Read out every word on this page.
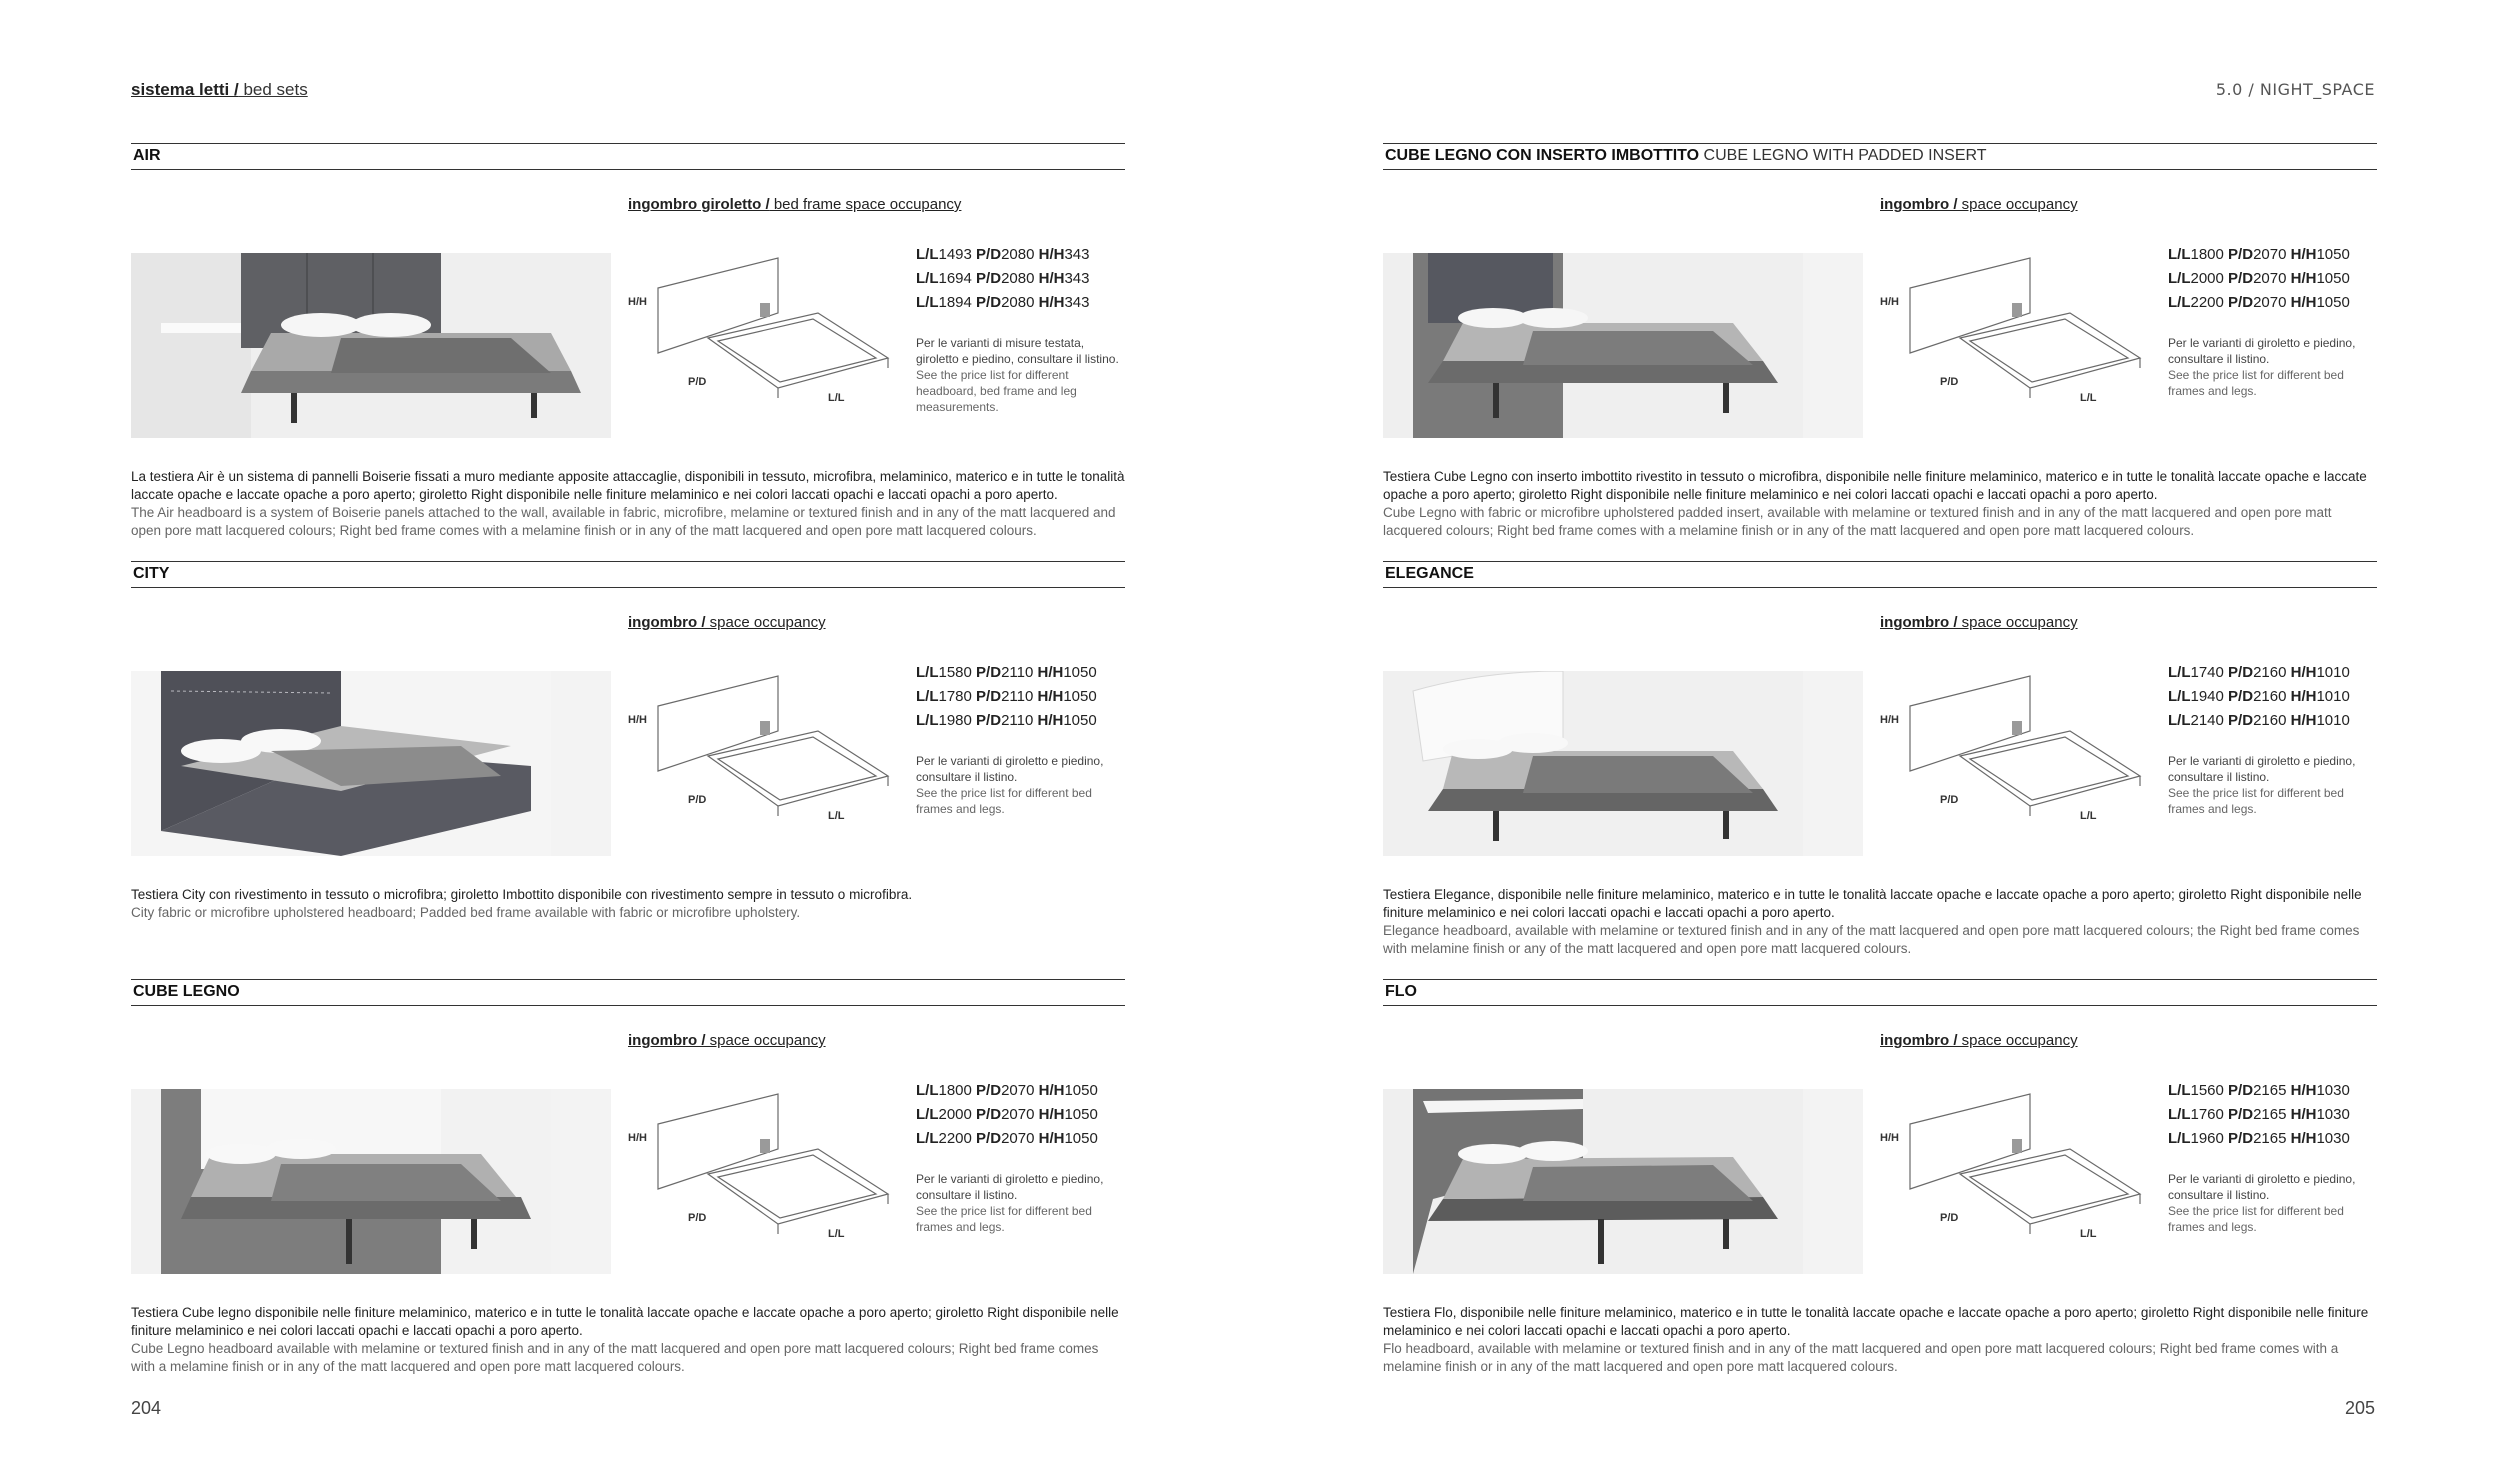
sistema letti / bed sets	5.0 / NIGHT_SPACE
AIR
ingombro giroletto / bed frame space occupancy
H/H
P/D
L/L
L/L1493 P/D2080 H/H343
L/L1694 P/D2080 H/H343
L/L1894 P/D2080 H/H343
Per le varianti di misure testata, giroletto e piedino, consultare il listino.
See the price list for different headboard, bed frame and leg measurements.
La testiera Air è un sistema di pannelli Boiserie fissati a muro mediante apposite attaccaglie, disponibili in tessuto, microfibra, melaminico, materico e in tutte le tonalità laccate opache e laccate opache a poro aperto; giroletto Right disponibile nelle finiture melaminico e nei colori laccati opachi e laccati opachi a poro aperto.
The Air headboard is a system of Boiserie panels attached to the wall, available in fabric, microfibre, melamine or textured finish and in any of the matt lacquered and open pore matt lacquered colours; Right bed frame comes with a melamine finish or in any of the matt lacquered and open pore matt lacquered colours.
CUBE LEGNO CON INSERTO IMBOTTITO CUBE LEGNO WITH PADDED INSERT
ingombro / space occupancy
H/H
P/D
L/L
L/L1800 P/D2070 H/H1050
L/L2000 P/D2070 H/H1050
L/L2200 P/D2070 H/H1050
Per le varianti di giroletto e piedino, consultare il listino.
See the price list for different bed frames and legs.
Testiera Cube Legno con inserto imbottito rivestito in tessuto o microfibra, disponibile nelle finiture melaminico, materico e in tutte le tonalità laccate opache e laccate opache a poro aperto; giroletto Right disponibile nelle finiture melaminico e nei colori laccati opachi e laccati opachi a poro aperto.
Cube Legno with fabric or microfibre upholstered padded insert, available with melamine or textured finish and in any of the matt lacquered and open pore matt lacquered colours; Right bed frame comes with a melamine finish or in any of the matt lacquered and open pore matt lacquered colours.
CITY
ingombro / space occupancy
H/H
P/D
L/L
L/L1580 P/D2110 H/H1050
L/L1780 P/D2110 H/H1050
L/L1980 P/D2110 H/H1050
Per le varianti di giroletto e piedino, consultare il listino.
See the price list for different bed frames and legs.
Testiera City con rivestimento in tessuto o microfibra; giroletto Imbottito disponibile con rivestimento sempre in tessuto o microfibra.
City fabric or microfibre upholstered headboard; Padded bed frame available with fabric or microfibre upholstery.
ELEGANCE
ingombro / space occupancy
H/H
P/D
L/L
L/L1740 P/D2160 H/H1010
L/L1940 P/D2160 H/H1010
L/L2140 P/D2160 H/H1010
Per le varianti di giroletto e piedino, consultare il listino.
See the price list for different bed frames and legs.
Testiera Elegance, disponibile nelle finiture melaminico, materico e in tutte le tonalità laccate opache e laccate opache a poro aperto; giroletto Right disponibile nelle finiture melaminico e nei colori laccati opachi e laccati opachi a poro aperto.
Elegance headboard, available with melamine or textured finish and in any of the matt lacquered and open pore matt lacquered colours; the Right bed frame comes with melamine finish or any of the matt lacquered and open pore matt lacquered colours.
CUBE LEGNO
ingombro / space occupancy
H/H
P/D
L/L
L/L1800 P/D2070 H/H1050
L/L2000 P/D2070 H/H1050
L/L2200 P/D2070 H/H1050
Per le varianti di giroletto e piedino, consultare il listino.
See the price list for different bed frames and legs.
Testiera Cube legno disponibile nelle finiture melaminico, materico e in tutte le tonalità laccate opache e laccate opache a poro aperto; giroletto Right disponibile nelle finiture melaminico e nei colori laccati opachi e laccati opachi a poro aperto.
Cube Legno headboard available with melamine or textured finish and in any of the matt lacquered and open pore matt lacquered colours; Right bed frame comes with a melamine finish or in any of the matt lacquered and open pore matt lacquered colours.
FLO
ingombro / space occupancy
H/H
P/D
L/L
L/L1560 P/D2165 H/H1030
L/L1760 P/D2165 H/H1030
L/L1960 P/D2165 H/H1030
Per le varianti di giroletto e piedino, consultare il listino.
See the price list for different bed frames and legs.
Testiera Flo, disponibile nelle finiture melaminico, materico e in tutte le tonalità laccate opache e laccate opache a poro aperto; giroletto Right disponibile nelle finiture melaminico e nei colori laccati opachi e laccati opachi a poro aperto.
Flo headboard, available with melamine or textured finish and in any of the matt lacquered and open pore matt lacquered colours; Right bed frame comes with a melamine finish or in any of the matt lacquered and open pore matt lacquered colours.
204	205
